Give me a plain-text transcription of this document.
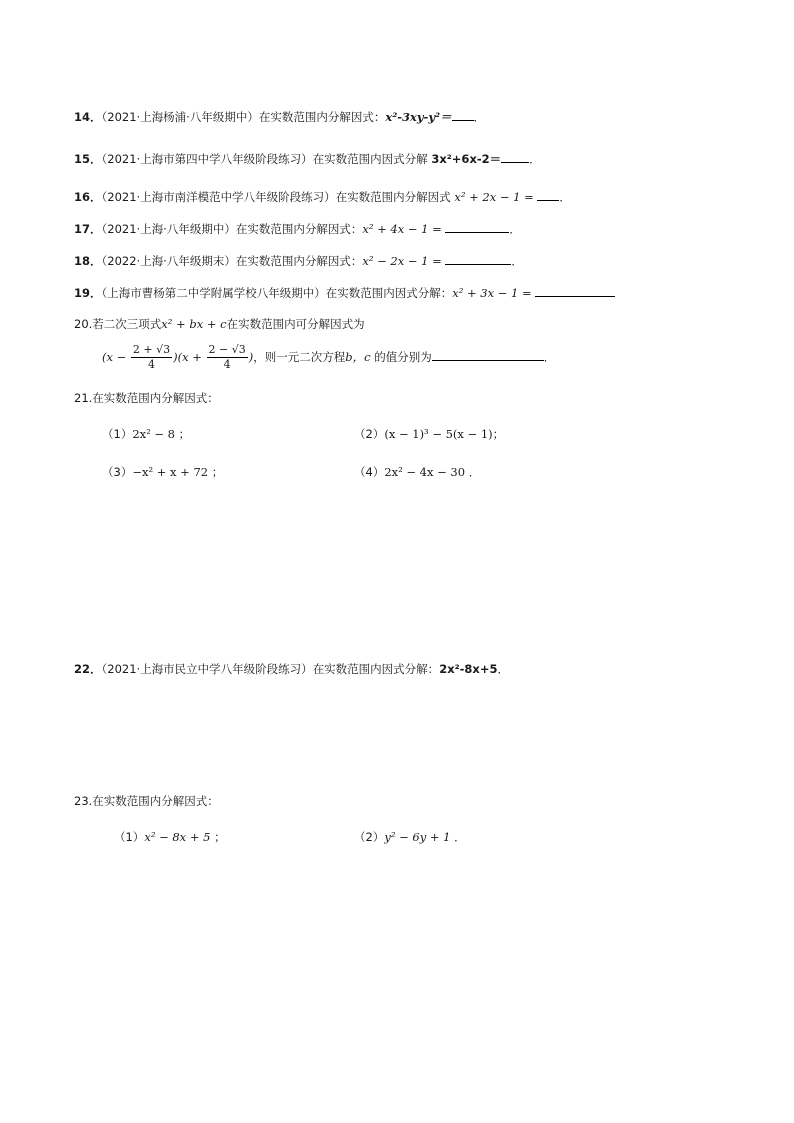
14．（2021·上海杨浦·八年级期中）在实数范围内分解因式：x²-3xy-y²＝ ．
15．（2021·上海市第四中学八年级阶段练习）在实数范围内因式分解 3x²+6x-2＝ ．
16．（2021·上海市南洋模范中学八年级阶段练习）在实数范围内分解因式 x² + 2x − 1 = ．
17．（2021·上海·八年级期中）在实数范围内分解因式：x² + 4x − 1 =	．
18．（2022·上海·八年级期末）在实数范围内分解因式：x² − 2x − 1 =	．
19．（上海市曹杨第二中学附属学校八年级期中）在实数范围内因式分解：x² + 3x − 1 =
20.若二次三项式x² + bx + c在实数范围内可分解因式为
$(x - \frac{2 + √3}{4} )(x + \frac{2 - √3}{4}$ )，则一元二次方程b，c 的值分别为	．
21.在实数范围内分解因式：
（1）2x² − 8 ；	（2）(x − 1)³ − 5(x − 1)；
（3）−x² + x + 72 ；	（4）2x² − 4x − 30 ．
22．（2021·上海市民立中学八年级阶段练习）在实数范围内因式分解：2x²-8x+5．
23.在实数范围内分解因式：
（1）x² − 8x + 5 ；	（2）y² − 6y + 1 ．
